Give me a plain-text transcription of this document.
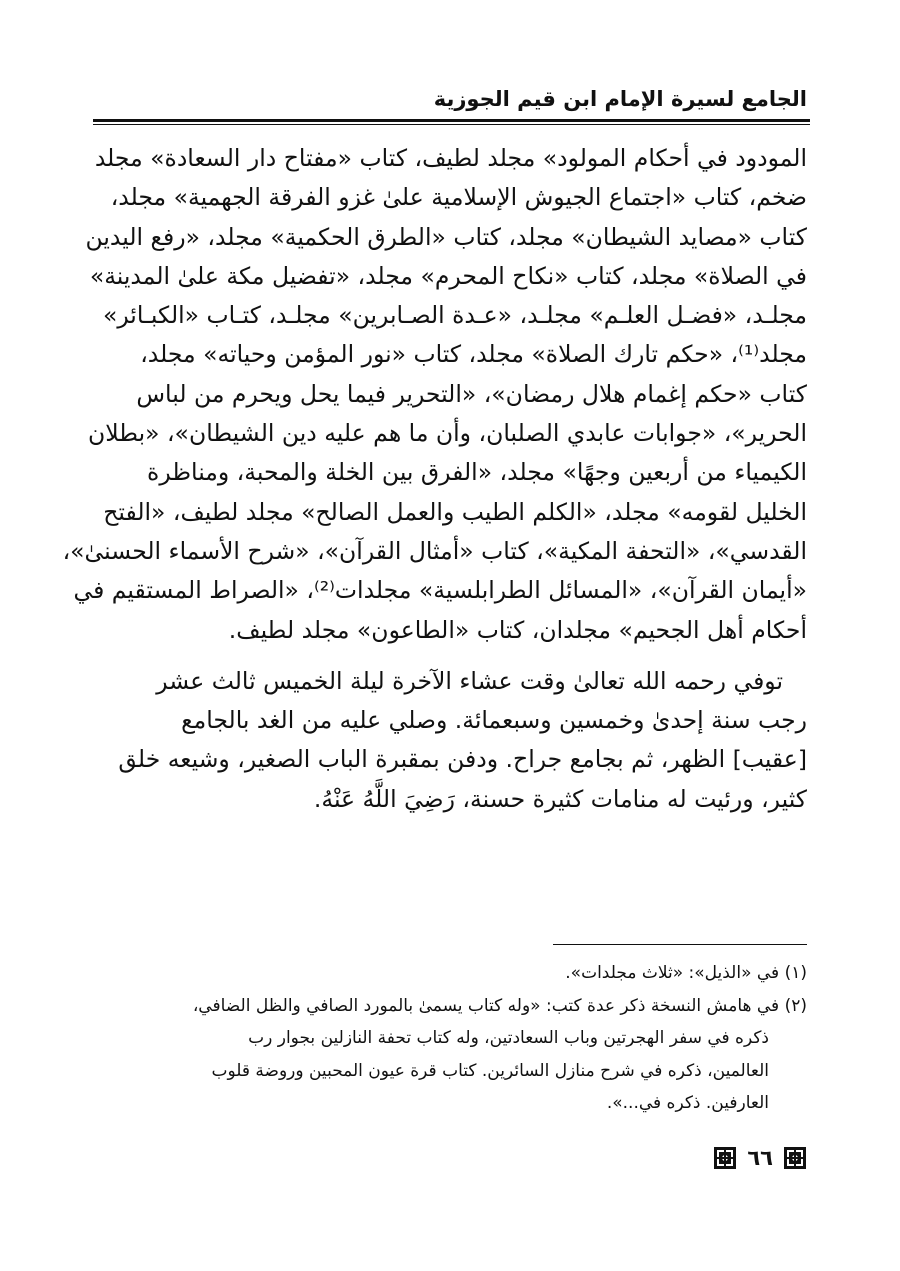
الجامع لسيرة الإمام ابن قيم الجوزية
المودود في أحكام المولود» مجلد لطيف، كتاب «مفتاح دار السعادة» مجلد
ضخم، كتاب «اجتماع الجيوش الإسلامية علىٰ غزو الفرقة الجهمية» مجلد،
كتاب «مصايد الشيطان» مجلد، كتاب «الطرق الحكمية» مجلد، «رفع اليدين
في الصلاة» مجلد، كتاب «نكاح المحرم» مجلد، «تفضيل مكة علىٰ المدينة»
مجلـد، «فضـل العلـم» مجلـد، «عـدة الصـابرين» مجلـد، كتـاب «الكبـائر»
مجلد⁽¹⁾، «حكم تارك الصلاة» مجلد، كتاب «نور المؤمن وحياته» مجلد،
كتاب «حكم إغمام هلال رمضان»، «التحرير فيما يحل ويحرم من لباس
الحرير»، «جوابات عابدي الصلبان، وأن ما هم عليه دين الشيطان»، «بطلان
الكيمياء من أربعين وجهًا» مجلد، «الفرق بين الخلة والمحبة، ومناظرة
الخليل لقومه» مجلد، «الكلم الطيب والعمل الصالح» مجلد لطيف، «الفتح
القدسي»، «التحفة المكية»، كتاب «أمثال القرآن»، «شرح الأسماء الحسنىٰ»،
«أيمان القرآن»، «المسائل الطرابلسية» مجلدات⁽²⁾، «الصراط المستقيم في
أحكام أهل الجحيم» مجلدان، كتاب «الطاعون» مجلد لطيف.
توفي رحمه الله تعالىٰ وقت عشاء الآخرة ليلة الخميس ثالث عشر
رجب سنة إحدىٰ وخمسين وسبعمائة. وصلي عليه من الغد بالجامع
[عقيب] الظهر، ثم بجامع جراح. ودفن بمقبرة الباب الصغير، وشيعه خلق
كثير، ورئيت له منامات كثيرة حسنة، رَضِيَ اللَّهُ عَنْهُ.
(١) في «الذيل»: «ثلاث مجلدات».
(٢) في هامش النسخة ذكر عدة كتب: «وله كتاب يسمىٰ بالمورد الصافي والظل الضافي،
ذكره في سفر الهجرتين وباب السعادتين، وله كتاب تحفة النازلين بجوار رب
العالمين، ذكره في شرح منازل السائرين. كتاب قرة عيون المحبين وروضة قلوب
العارفين. ذكره في...».
٦٦
